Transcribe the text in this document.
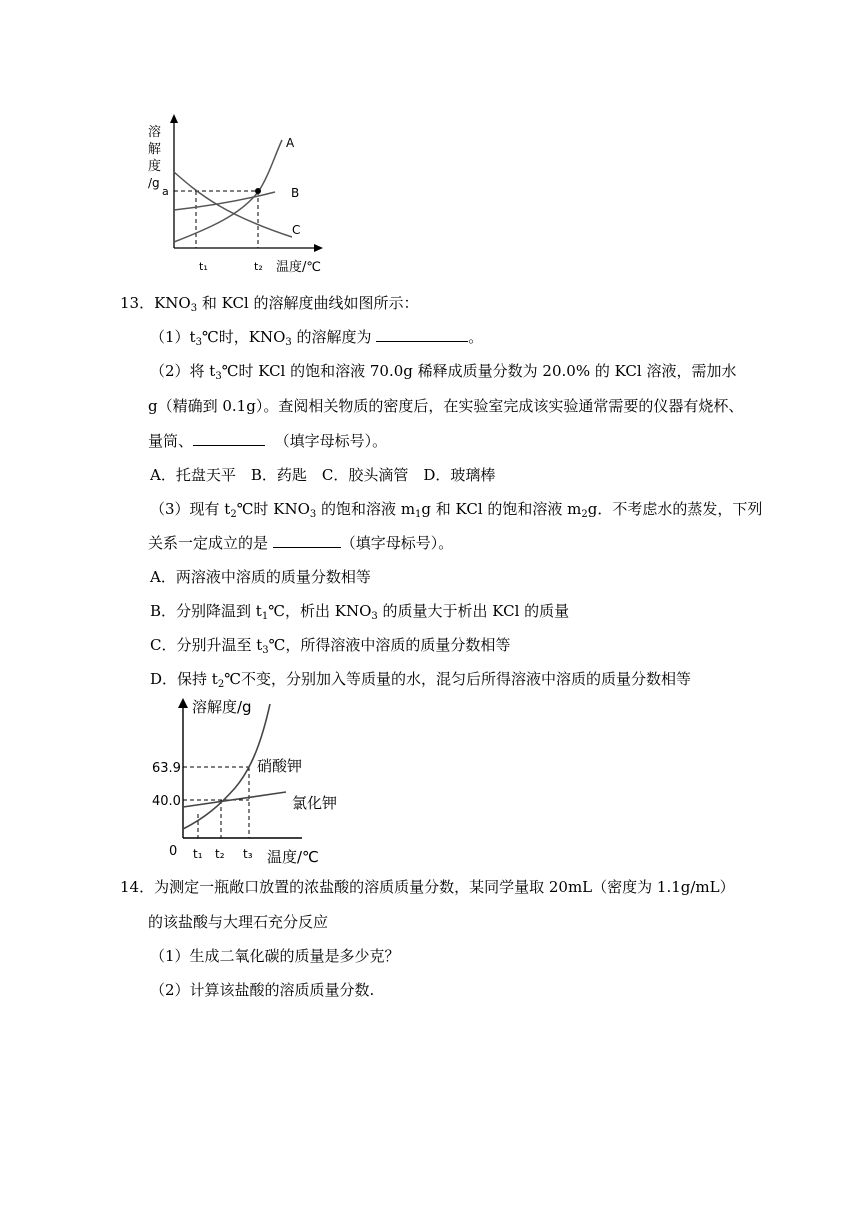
溶
解
度
/g
a
A
B
C
t₁	t₂ 温度/℃
13．$KNO_3$ 和 KCl 的溶解度曲线如图所示：
$(1)t_3℃$时，$KNO_3$ 的溶解度为	。
（2）将 $t_3℃$时 KCl 的饱和溶液 70.0g 稀释成质量分数为 20.0% 的 KCl 溶液，需加水
g（精确到 0.1g）。查阅相关物质的密度后，在实验室完成该实验通常需要的仪器有烧杯、
量筒、	（填字母标号）。
A．托盘天平　B．药匙　C．胶头滴管　D．玻璃棒
（3）现有 $t_2℃$时 $KNO_3$ 的饱和溶液 $m_1g$ 和 KCl 的饱和溶液 $m_2g$．不考虑水的蒸发，下列
关系一定成立的是	（填字母标号）。
A．两溶液中溶质的质量分数相等
B．分别降温到 $t_1℃$，析出 $KNO_3$ 的质量大于析出 KCl 的质量
C．分别升温至 $t_3℃$，所得溶液中溶质的质量分数相等
D．保持 $t_2℃$不变，分别加入等质量的水，混匀后所得溶液中溶质的质量分数相等
溶解度/g
63.9
40.0
0 t₁ t₂ t₃ 温度/℃
硝酸钾
氯化钾
14．为测定一瓶敞口放置的浓盐酸的溶质质量分数，某同学量取 20mL（密度为 1.1g/mL）
的该盐酸与大理石充分反应
（1）生成二氧化碳的质量是多少克？
（2）计算该盐酸的溶质质量分数.
